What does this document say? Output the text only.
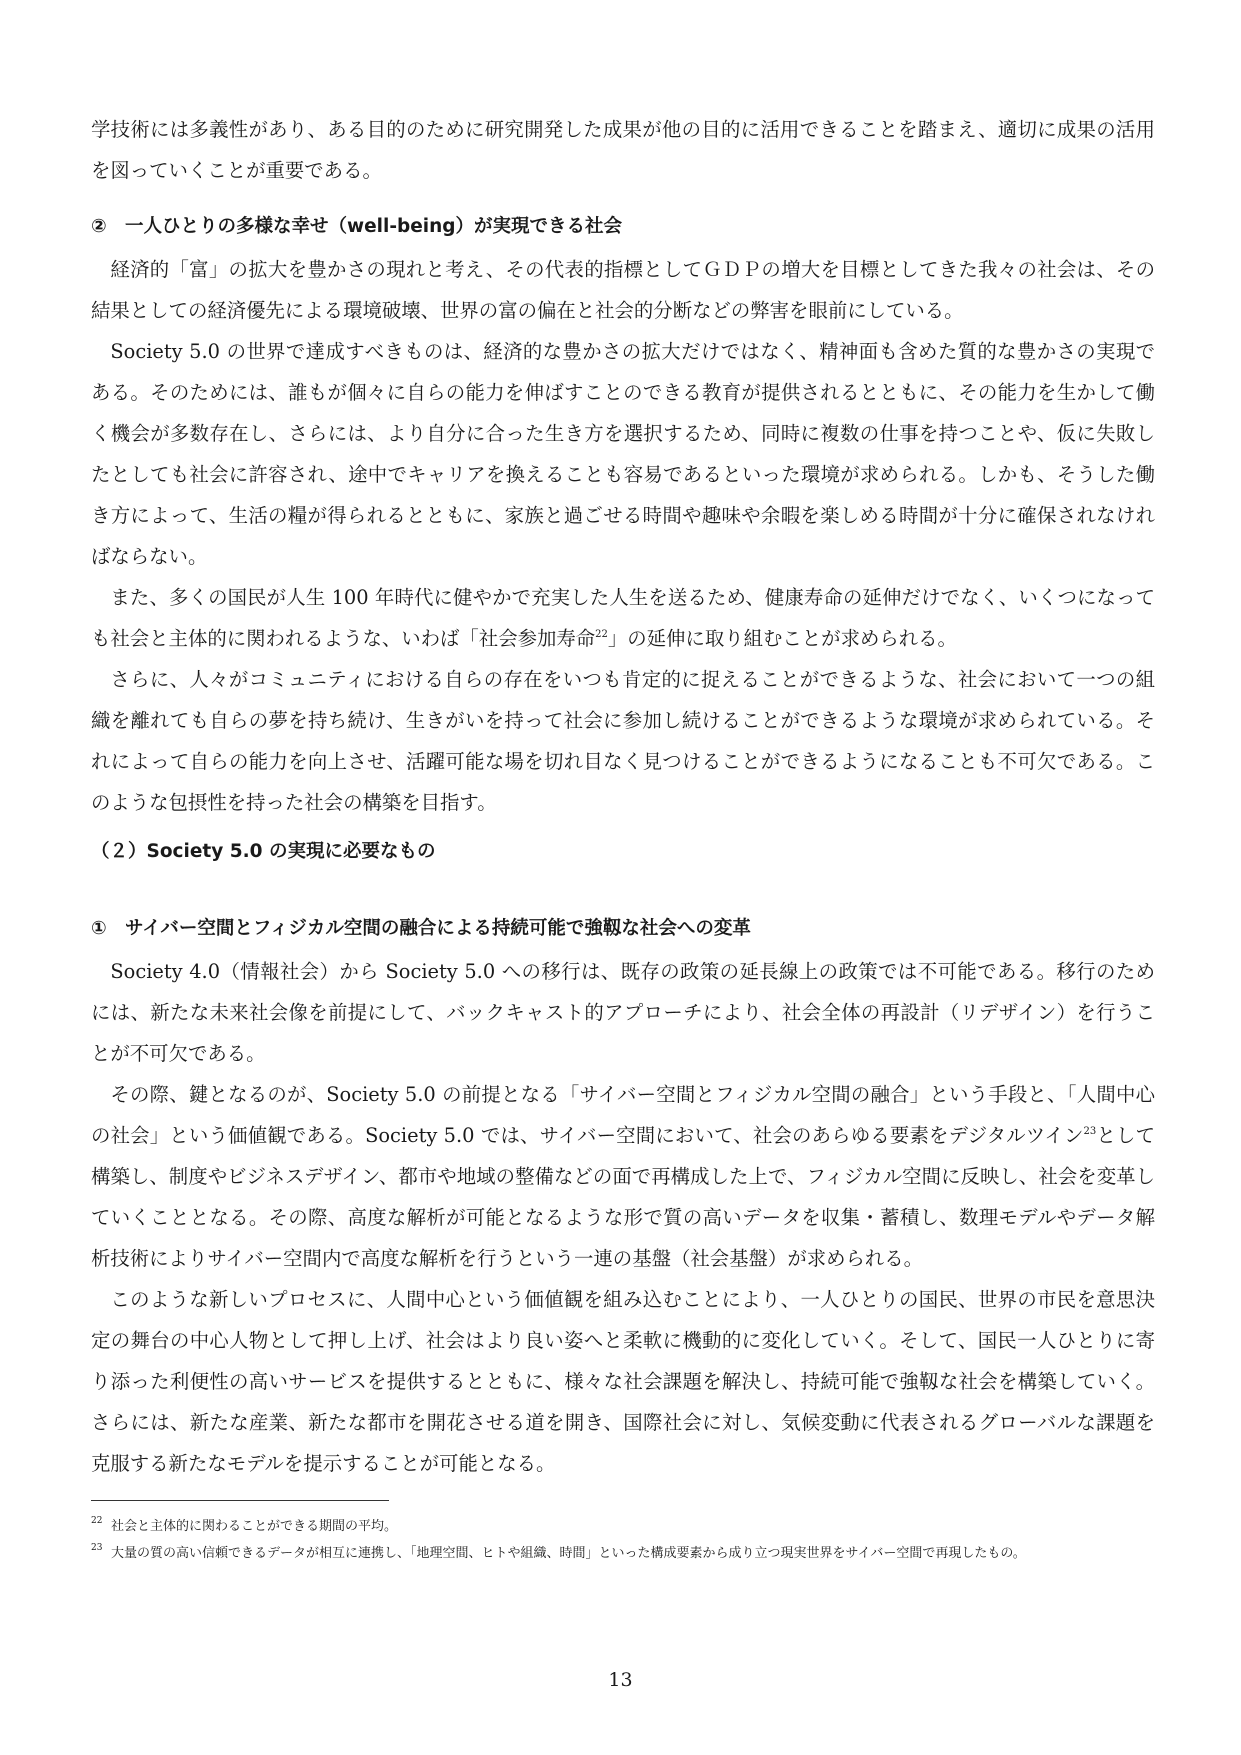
学技術には多義性があり、ある目的のために研究開発した成果が他の目的に活用できることを踏まえ、適切に成果の活用を図っていくことが重要である。

② 一人ひとりの多様な幸せ（well-being）が実現できる社会

経済的「富」の拡大を豊かさの現れと考え、その代表的指標としてＧＤＰの増大を目標としてきた我々の社会は、その結果としての経済優先による環境破壊、世界の富の偏在と社会的分断などの弊害を眼前にしている。

Society 5.0 の世界で達成すべきものは、経済的な豊かさの拡大だけではなく、精神面も含めた質的な豊かさの実現である。そのためには、誰もが個々に自らの能力を伸ばすことのできる教育が提供されるとともに、その能力を生かして働く機会が多数存在し、さらには、より自分に合った生き方を選択するため、同時に複数の仕事を持つことや、仮に失敗したとしても社会に許容され、途中でキャリアを換えることも容易であるといった環境が求められる。しかも、そうした働き方によって、生活の糧が得られるとともに、家族と過ごせる時間や趣味や余暇を楽しめる時間が十分に確保されなければならない。

また、多くの国民が人生 100 年時代に健やかで充実した人生を送るため、健康寿命の延伸だけでなく、いくつになっても社会と主体的に関われるような、いわば「社会参加寿命$^{22}$」の延伸に取り組むことが求められる。

さらに、人々がコミュニティにおける自らの存在をいつも肯定的に捉えることができるような、社会において一つの組織を離れても自らの夢を持ち続け、生きがいを持って社会に参加し続けることができるような環境が求められている。それによって自らの能力を向上させ、活躍可能な場を切れ目なく見つけることができるようになることも不可欠である。このような包摂性を持った社会の構築を目指す。

（２）Society 5.0 の実現に必要なもの
① サイバー空間とフィジカル空間の融合による持続可能で強靱な社会への変革

Society 4.0（情報社会）から Society 5.0 への移行は、既存の政策の延長線上の政策では不可能である。移行のためには、新たな未来社会像を前提にして、バックキャスト的アプローチにより、社会全体の再設計（リデザイン）を行うことが不可欠である。

その際、鍵となるのが、Society 5.0 の前提となる「サイバー空間とフィジカル空間の融合」という手段と、「人間中心の社会」という価値観である。Society 5.0 では、サイバー空間において、社会のあらゆる要素をデジタルツイン$^{23}$として構築し、制度やビジネスデザイン、都市や地域の整備などの面で再構成した上で、フィジカル空間に反映し、社会を変革していくこととなる。その際、高度な解析が可能となるような形で質の高いデータを収集・蓄積し、数理モデルやデータ解析技術によりサイバー空間内で高度な解析を行うという一連の基盤（社会基盤）が求められる。

このような新しいプロセスに、人間中心という価値観を組み込むことにより、一人ひとりの国民、世界の市民を意思決定の舞台の中心人物として押し上げ、社会はより良い姿へと柔軟に機動的に変化していく。そして、国民一人ひとりに寄り添った利便性の高いサービスを提供するとともに、様々な社会課題を解決し、持続可能で強靱な社会を構築していく。さらには、新たな産業、新たな都市を開花させる道を開き、国際社会に対し、気候変動に代表されるグローバルな課題を克服する新たなモデルを提示することが可能となる。

22 社会と主体的に関わることができる期間の平均。

23 大量の質の高い信頼できるデータが相互に連携し、「地理空間、ヒトや組織、時間」といった構成要素から成り立つ現実世界をサイバー空間で再現したもの。

13
